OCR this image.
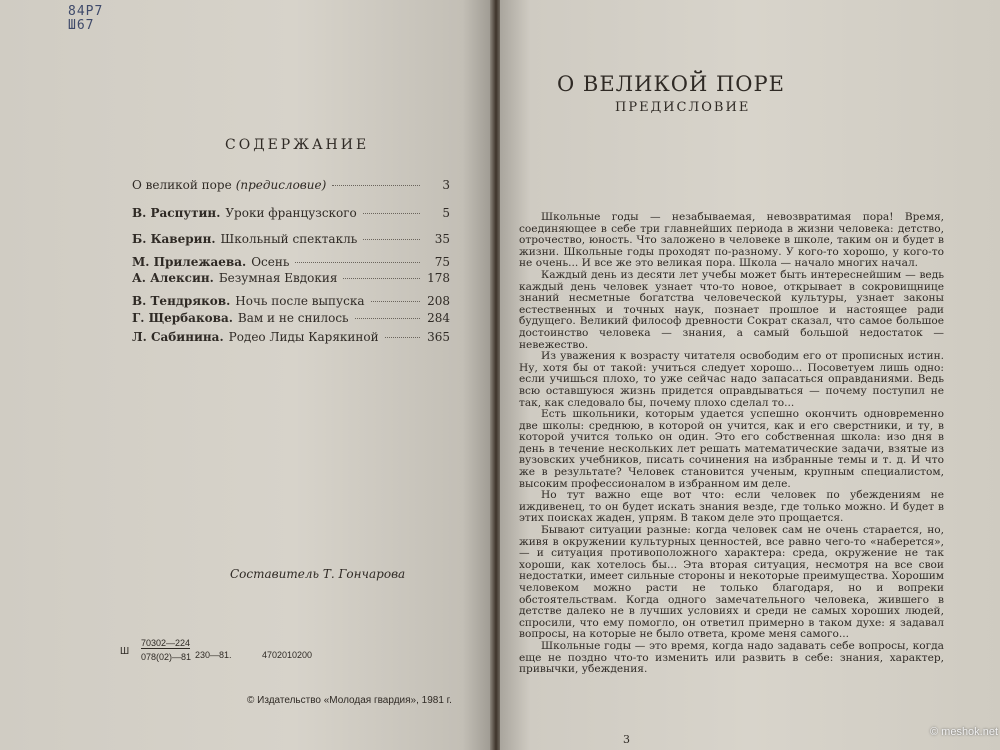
84Р7
Ш67
СОДЕРЖАНИЕ
О великой поре (предисловие)	3
В. Распутин. Уроки французского	5
Б. Каверин. Школьный спектакль	35
М. Прилежаева. Осень	75
А. Алексин. Безумная Евдокия	178
В. Тендряков. Ночь после выпуска	208
Г. Щербакова. Вам и не снилось	284
Л. Сабинина. Родео Лиды Карякиной	365
Составитель Т. Гончарова
Ш
70302—224
078(02)—81 230—81.	4702010200
© Издательство «Молодая гвардия», 1981 г.
О ВЕЛИКОЙ ПОРЕ
ПРЕДИСЛОВИЕ

Школьные годы — незабываемая, невозвратимая пора! Время, соединяющее в себе три главнейших периода в жизни человека: детство, отрочество, юность. Что заложено в человеке в школе, таким он и будет в жизни. Школьные годы проходят по-разному. У кого-то хорошо, у кого-то не очень... И все же это великая пора. Школа — начало многих начал.

Каждый день из десяти лет учебы может быть интереснейшим — ведь каждый день человек узнает что-то новое, открывает в сокровищнице знаний несметные богатства человеческой культуры, узнает законы естественных и точных наук, познает прошлое и настоящее ради будущего. Великий философ древности Сократ сказал, что самое большое достоинство человека — знания, а самый большой недостаток — невежество.

Из уважения к возрасту читателя освободим его от прописных истин. Ну, хотя бы от такой: учиться следует хорошо... Посоветуем лишь одно: если учишься плохо, то уже сейчас надо запасаться оправданиями. Ведь всю оставшуюся жизнь придется оправдываться — почему поступил не так, как следовало бы, почему плохо сделал то...

Есть школьники, которым удается успешно окончить одновременно две школы: среднюю, в которой он учится, как и его сверстники, и ту, в которой учится только он один. Это его собственная школа: изо дня в день в течение нескольких лет решать математические задачи, взятые из вузовских учебников, писать сочинения на избранные темы и т. д. И что же в результате? Человек становится ученым, крупным специалистом, высоким профессионалом в избранном им деле.

Но тут важно еще вот что: если человек по убеждениям не иждивенец, то он будет искать знания везде, где только можно. И будет в этих поисках жаден, упрям. В таком деле это прощается.

Бывают ситуации разные: когда человек сам не очень старается, но, живя в окружении культурных ценностей, все равно чего-то «наберется», — и ситуация противоположного характера: среда, окружение не так хороши, как хотелось бы... Эта вторая ситуация, несмотря на все свои недостатки, имеет сильные стороны и некоторые преимущества. Хорошим человеком можно расти не только благодаря, но и вопреки обстоятельствам. Когда одного замечательного человека, жившего в детстве далеко не в лучших условиях и среди не самых хороших людей, спросили, что ему помогло, он ответил примерно в таком духе: я задавал вопросы, на которые не было ответа, кроме меня самого...

Школьные годы — это время, когда надо задавать себе вопросы, когда еще не поздно что-то изменить или развить в себе: знания, характер, привычки, убеждения.

3
© meshok.net
